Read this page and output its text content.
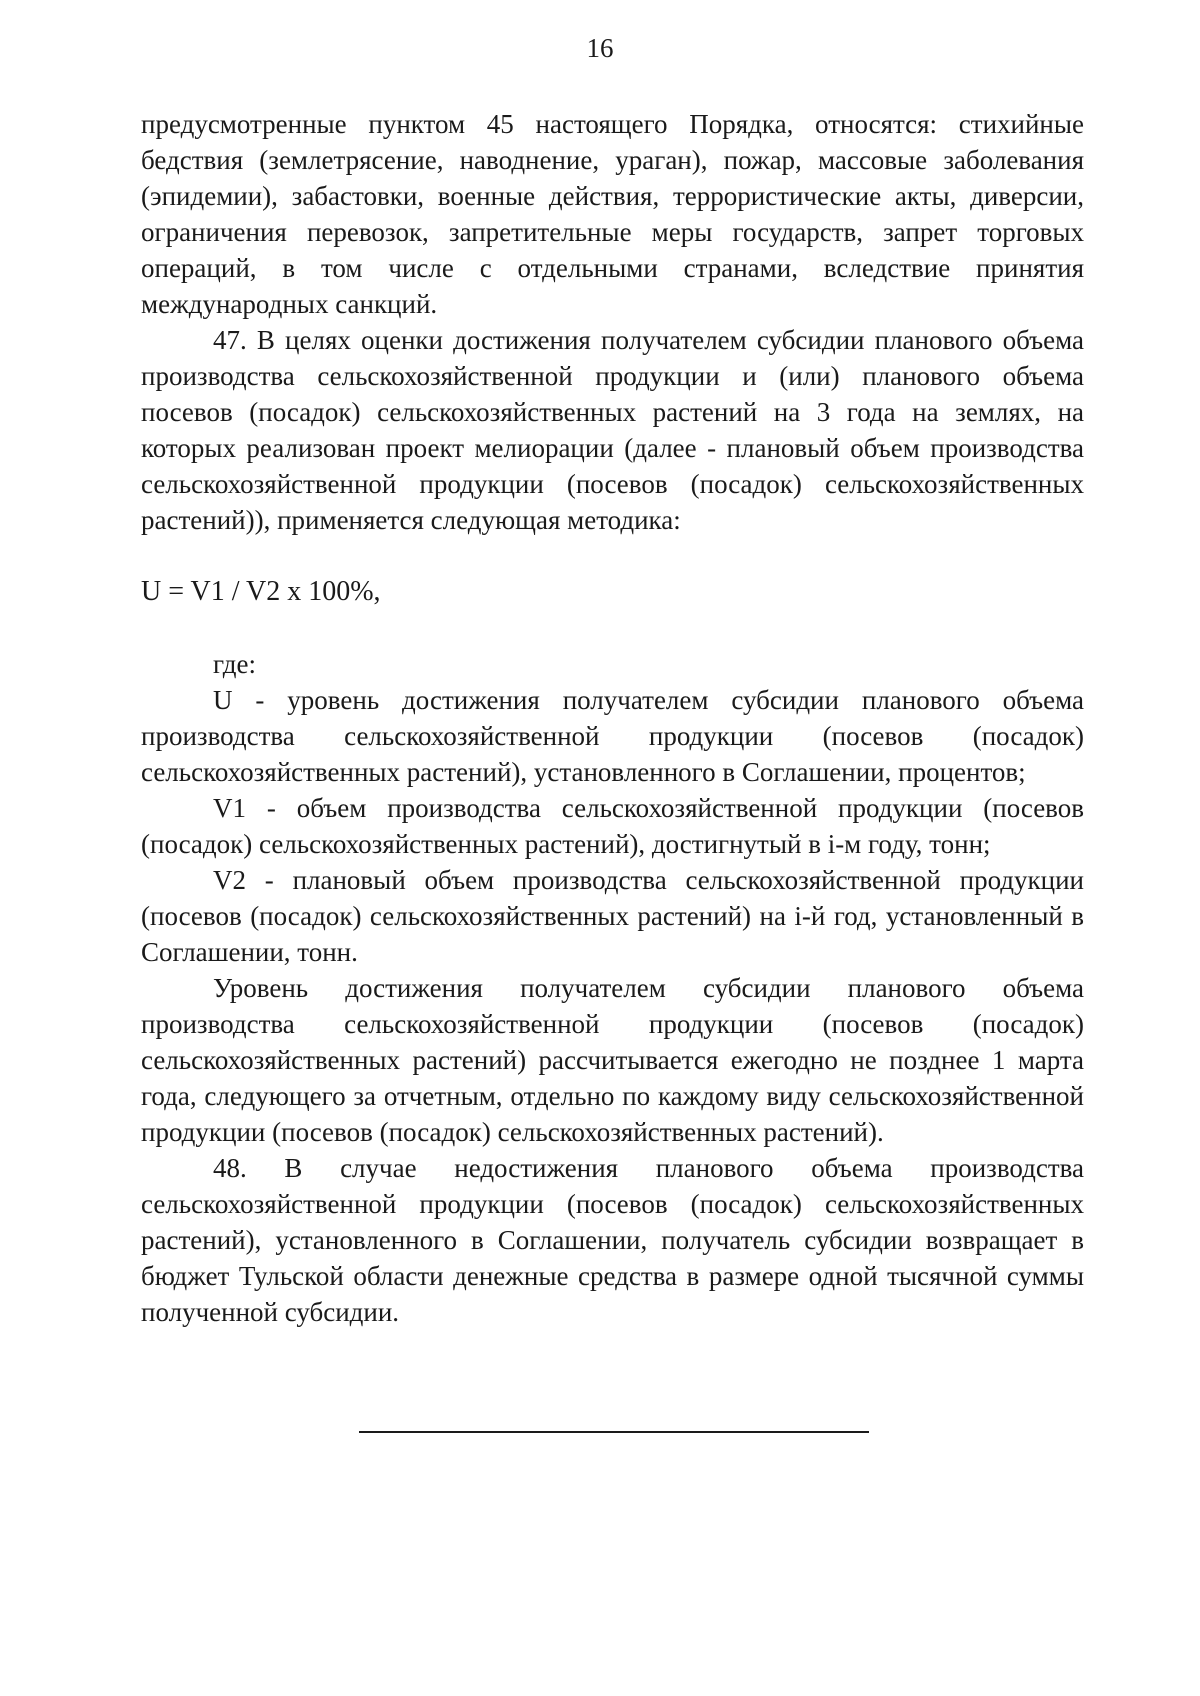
16

предусмотренные пунктом 45 настоящего Порядка, относятся: стихийные бедствия (землетрясение, наводнение, ураган), пожар, массовые заболевания (эпидемии), забастовки, военные действия, террористические акты, диверсии, ограничения перевозок, запретительные меры государств, запрет торговых операций, в том числе с отдельными странами, вследствие принятия международных санкций.

47. В целях оценки достижения получателем субсидии планового объема производства сельскохозяйственной продукции и (или) планового объема посевов (посадок) сельскохозяйственных растений на 3 года на землях, на которых реализован проект мелиорации (далее - плановый объем производства сельскохозяйственной продукции (посевов (посадок) сельскохозяйственных растений)), применяется следующая методика:

U = V1 / V2 x 100%,

где:

U - уровень достижения получателем субсидии планового объема производства сельскохозяйственной продукции (посевов (посадок) сельскохозяйственных растений), установленного в Соглашении, процентов;

V1 - объем производства сельскохозяйственной продукции (посевов (посадок) сельскохозяйственных растений), достигнутый в i-м году, тонн;

V2 - плановый объем производства сельскохозяйственной продукции (посевов (посадок) сельскохозяйственных растений) на i-й год, установленный в Соглашении, тонн.

Уровень достижения получателем субсидии планового объема производства сельскохозяйственной продукции (посевов (посадок) сельскохозяйственных растений) рассчитывается ежегодно не позднее 1 марта года, следующего за отчетным, отдельно по каждому виду сельскохозяйственной продукции (посевов (посадок) сельскохозяйственных растений).

48. В случае недостижения планового объема производства сельскохозяйственной продукции (посевов (посадок) сельскохозяйственных растений), установленного в Соглашении, получатель субсидии возвращает в бюджет Тульской области денежные средства в размере одной тысячной суммы полученной субсидии.
